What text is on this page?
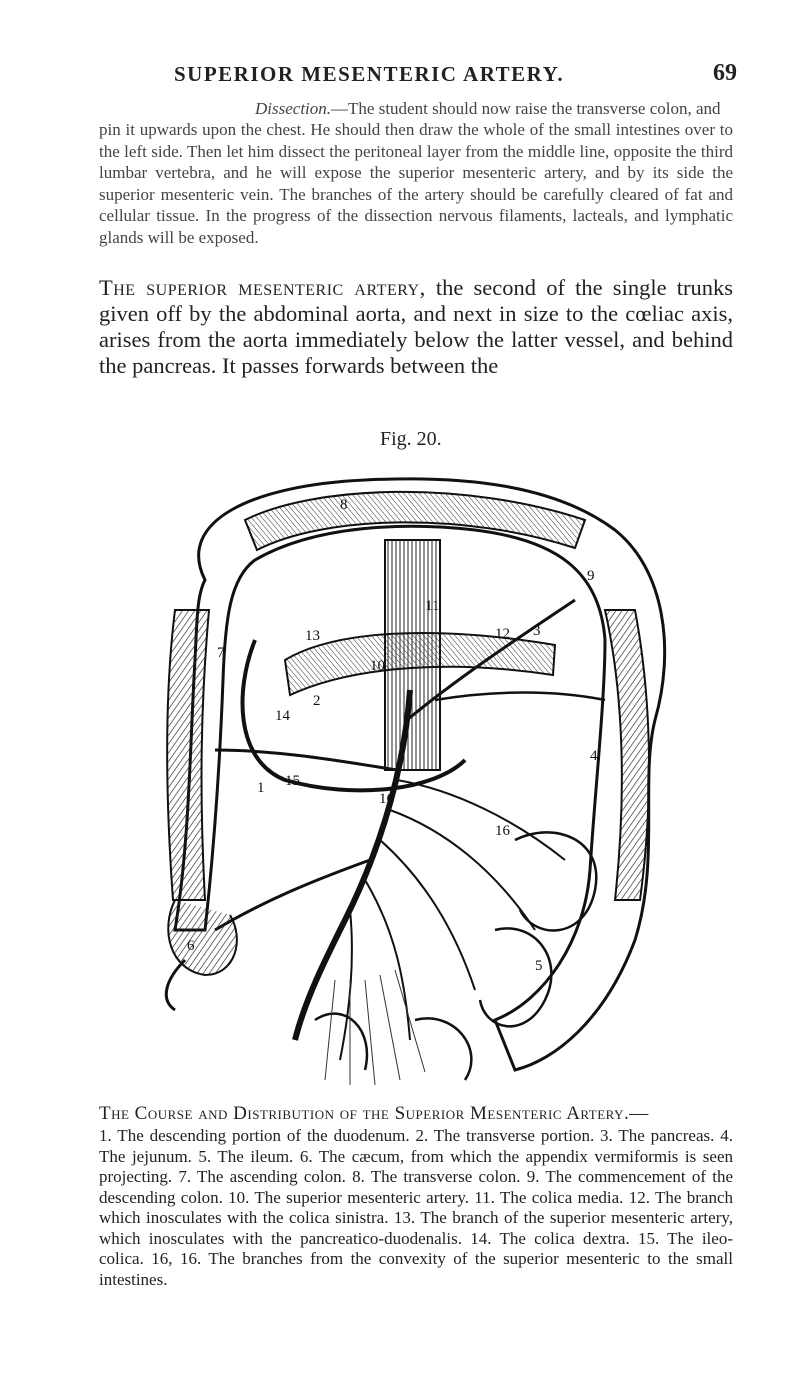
SUPERIOR MESENTERIC ARTERY.	69
Dissection.—The student should now raise the transverse colon, and
pin it upwards upon the chest. He should then draw the whole of the small intestines over to the left side. Then let him dissect the peritoneal layer from the middle line, opposite the third lumbar vertebra, and he will expose the superior mesenteric artery, and by its side the superior mesenteric vein. The branches of the artery should be carefully cleared of fat and cellular tissue. In the progress of the dissection nervous filaments, lacteals, and lymphatic glands will be exposed.
The superior mesenteric artery, the second of the single trunks given off by the abdominal aorta, and next in size to the cœliac axis, arises from the aorta immediately below the latter vessel, and behind the pancreas. It passes forwards between the
Fig. 20.
1
2
3
4
5
6
7
8
9
10
11
12
13
14
15
16
16
The Course and Distribution of the Superior Mesenteric Artery.—
1. The descending portion of the duodenum. 2. The transverse portion. 3. The pancreas. 4. The jejunum. 5. The ileum. 6. The cæcum, from which the appendix vermiformis is seen projecting. 7. The ascending colon. 8. The transverse colon. 9. The commencement of the descending colon. 10. The superior mesenteric artery. 11. The colica media. 12. The branch which inosculates with the colica sinistra. 13. The branch of the superior mesenteric artery, which inosculates with the pancreatico-duodenalis. 14. The colica dextra. 15. The ileo-colica. 16, 16. The branches from the convexity of the superior mesenteric to the small intestines.
